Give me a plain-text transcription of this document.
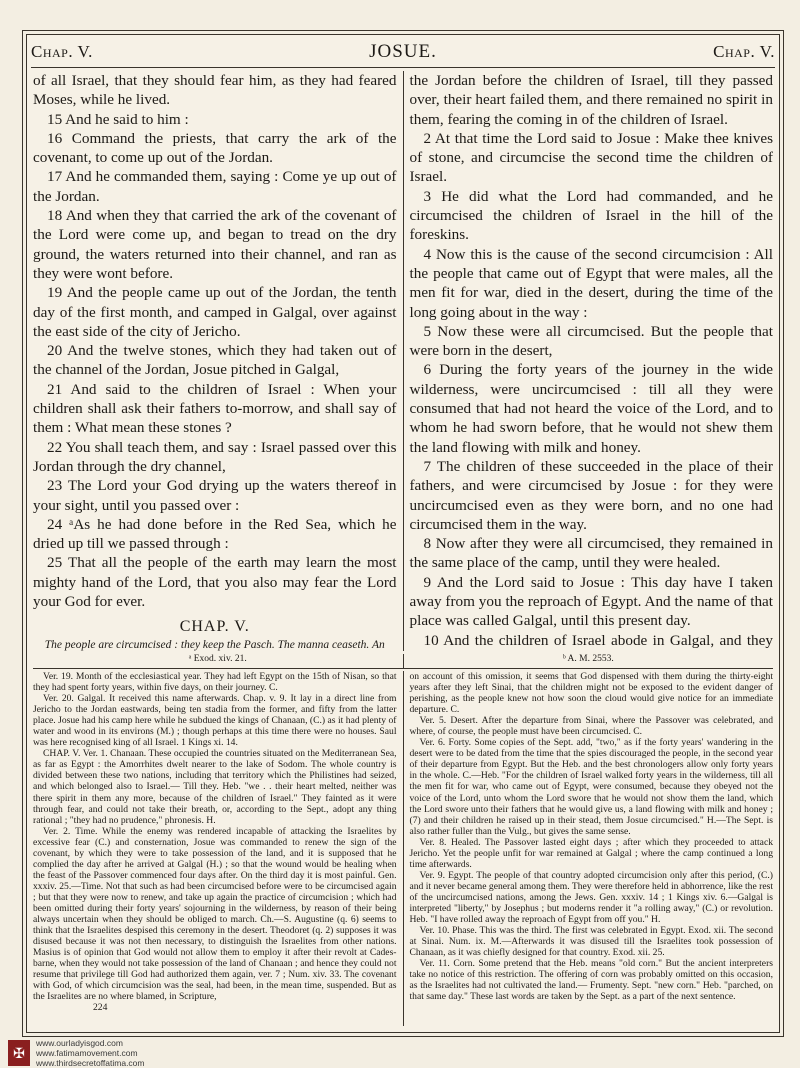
Chap. V.	JOSUE.	Chap. V.

of all Israel, that they should fear him, as they had feared Moses, while he lived.

15 And he said to him :

16 Command the priests, that carry the ark of the covenant, to come up out of the Jordan.

17 And he commanded them, saying : Come ye up out of the Jordan.

18 And when they that carried the ark of the covenant of the Lord were come up, and began to tread on the dry ground, the waters returned into their channel, and ran as they were wont before.

19 And the people came up out of the Jordan, the tenth day of the first month, and camped in Galgal, over against the east side of the city of Jericho.

20 And the twelve stones, which they had taken out of the channel of the Jordan, Josue pitched in Galgal,

21 And said to the children of Israel : When your children shall ask their fathers to-morrow, and shall say of them : What mean these stones ?

22 You shall teach them, and say : Israel passed over this Jordan through the dry channel,

23 The Lord your God drying up the waters thereof in your sight, until you passed over :

24 ᵃAs he had done before in the Red Sea, which he dried up till we passed through :

25 That all the people of the earth may learn the most mighty hand of the Lord, that you also may fear the Lord your God for ever.

CHAP. V.
The people are circumcised : they keep the Pasch. The manna ceaseth. An

the Jordan before the children of Israel, till they passed over, their heart failed them, and there remained no spirit in them, fearing the coming in of the children of Israel.

2 At that time the Lord said to Josue : Make thee knives of stone, and circumcise the second time the children of Israel.

3 He did what the Lord had commanded, and he circumcised the children of Israel in the hill of the foreskins.

4 Now this is the cause of the second circumcision : All the people that came out of Egypt that were males, all the men fit for war, died in the desert, during the time of the long going about in the way :

5 Now these were all circumcised. But the people that were born in the desert,

6 During the forty years of the journey in the wide wilderness, were uncircumcised : till all they were consumed that had not heard the voice of the Lord, and to whom he had sworn before, that he would not shew them the land flowing with milk and honey.

7 The children of these succeeded in the place of their fathers, and were circumcised by Josue : for they were uncircumcised even as they were born, and no one had circumcised them in the way.

8 Now after they were all circumcised, they remained in the same place of the camp, until they were healed.

9 And the Lord said to Josue : This day have I taken away from you the reproach of Egypt. And the name of that place was called Galgal, until this present day.

10 And the children of Israel abode in Galgal, and they

ᵃ Exod. xiv. 21.	ᵇ A. M. 2553.

Ver. 19. Month of the ecclesiastical year. They had left Egypt on the 15th of Nisan, so that they had spent forty years, within five days, on their journey. C.

Ver. 20. Galgal. It received this name afterwards. Chap. v. 9. It lay in a direct line from Jericho to the Jordan eastwards, being ten stadia from the former, and fifty from the latter place. Josue had his camp here while he subdued the kings of Chanaan, (C.) as it had plenty of water and wood in its environs (M.) ; though perhaps at this time there were no houses. Saul was here recognised king of all Israel. 1 Kings xi. 14.

CHAP. V. Ver. 1. Chanaan. These occupied the countries situated on the Mediterranean Sea, as far as Egypt : the Amorrhites dwelt nearer to the lake of Sodom. The whole country is divided between these two nations, including that territory which the Philistines had seized, and which belonged also to Israel.— Till they. Heb. "we . . their heart melted, neither was there spirit in them any more, because of the children of Israel." They fainted as it were through fear, and could not take their breath, or, according to the Sept., adopt any thing rational ; "they had no prudence," phronesis. H.

Ver. 2. Time. While the enemy was rendered incapable of attacking the Israelites by excessive fear (C.) and consternation, Josue was commanded to renew the sign of the covenant, by which they were to take possession of the land, and it is supposed that he complied the day after he arrived at Galgal (H.) ; so that the wound would be healing when the feast of the Passover commenced four days after. On the third day it is most painful. Gen. xxxiv. 25.—Time. Not that such as had been circumcised before were to be circumcised again ; but that they were now to renew, and take up again the practice of circumcision ; which had been omitted during their forty years' sojourning in the wilderness, by reason of their being always uncertain when they should be obliged to march. Ch.—S. Augustine (q. 6) seems to think that the Israelites despised this ceremony in the desert. Theodoret (q. 2) supposes it was disused because it was not then necessary, to distinguish the Israelites from other nations. Masius is of opinion that God would not allow them to employ it after their revolt at Cades-barne, when they would not take possession of the land of Chanaan ; and hence they could not resume that privilege till God had authorized them again, ver. 7 ; Num. xiv. 33. The covenant with God, of which circumcision was the seal, had been, in the mean time, suspended. But as the Israelites are no where blamed, in Scripture,

224

on account of this omission, it seems that God dispensed with them during the thirty-eight years after they left Sinai, that the children might not be exposed to the evident danger of perishing, as the people knew not how soon the cloud would give notice for an immediate departure. C.

Ver. 5. Desert. After the departure from Sinai, where the Passover was celebrated, and where, of course, the people must have been circumcised. C.

Ver. 6. Forty. Some copies of the Sept. add, "two," as if the forty years' wandering in the desert were to be dated from the time that the spies discouraged the people, in the second year of their departure from Egypt. But the Heb. and the best chronologers allow only forty years in the whole. C.—Heb. "For the children of Israel walked forty years in the wilderness, till all the men fit for war, who came out of Egypt, were consumed, because they obeyed not the voice of the Lord, unto whom the Lord swore that he would not show them the land, which the Lord swore unto their fathers that he would give us, a land flowing with milk and honey ; (7) and their children he raised up in their stead, them Josue circumcised." H.—The Sept. is also rather fuller than the Vulg., but gives the same sense.

Ver. 8. Healed. The Passover lasted eight days ; after which they proceeded to attack Jericho. Yet the people unfit for war remained at Galgal ; where the camp continued a long time afterwards.

Ver. 9. Egypt. The people of that country adopted circumcision only after this period, (C.) and it never became general among them. They were therefore held in abhorrence, like the rest of the uncircumcised nations, among the Jews. Gen. xxxiv. 14 ; 1 Kings xiv. 6.—Galgal is interpreted "liberty," by Josephus ; but moderns render it "a rolling away," (C.) or revolution. Heb. "I have rolled away the reproach of Egypt from off you." H.

Ver. 10. Phase. This was the third. The first was celebrated in Egypt. Exod. xii. The second at Sinai. Num. ix. M.—Afterwards it was disused till the Israelites took possession of Chanaan, as it was chiefly designed for that country. Exod. xii. 25.

Ver. 11. Corn. Some pretend that the Heb. means "old corn." But the ancient interpreters take no notice of this restriction. The offering of corn was probably omitted on this occasion, as the Israelites had not cultivated the land.— Frumenty. Sept. "new corn." Heb. "parched, on that same day." These last words are taken by the Sept. as a part of the next sentence.

✠
www.ourladyisgod.com
www.fatimamovement.com
www.thirdsecretoffatima.com
